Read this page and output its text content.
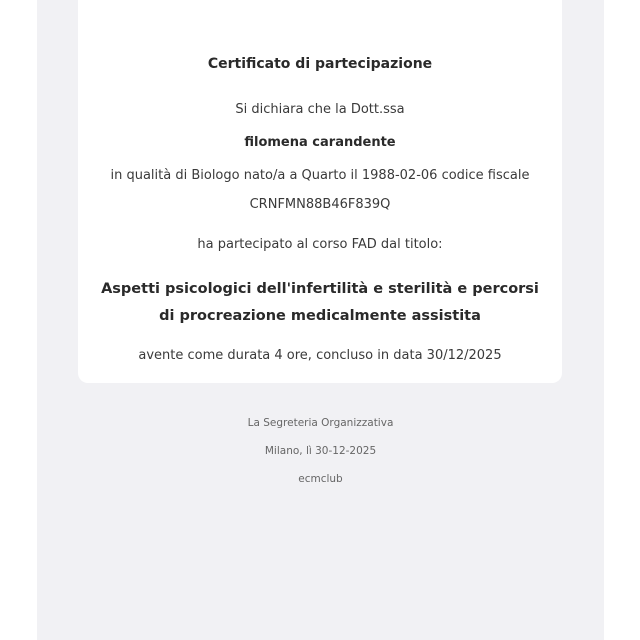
Certificato di partecipazione
Si dichiara che la Dott.ssa
filomena carandente
in qualità di Biologo nato/a a Quarto il 1988-02-06 codice fiscale
CRNFMN88B46F839Q
ha partecipato al corso FAD dal titolo:
Aspetti psicologici dell'infertilità e sterilità e percorsi di procreazione medicalmente assistita
avente come durata 4 ore, concluso in data 30/12/2025
La Segreteria Organizzativa
Milano, lì 30-12-2025
ecmclub
